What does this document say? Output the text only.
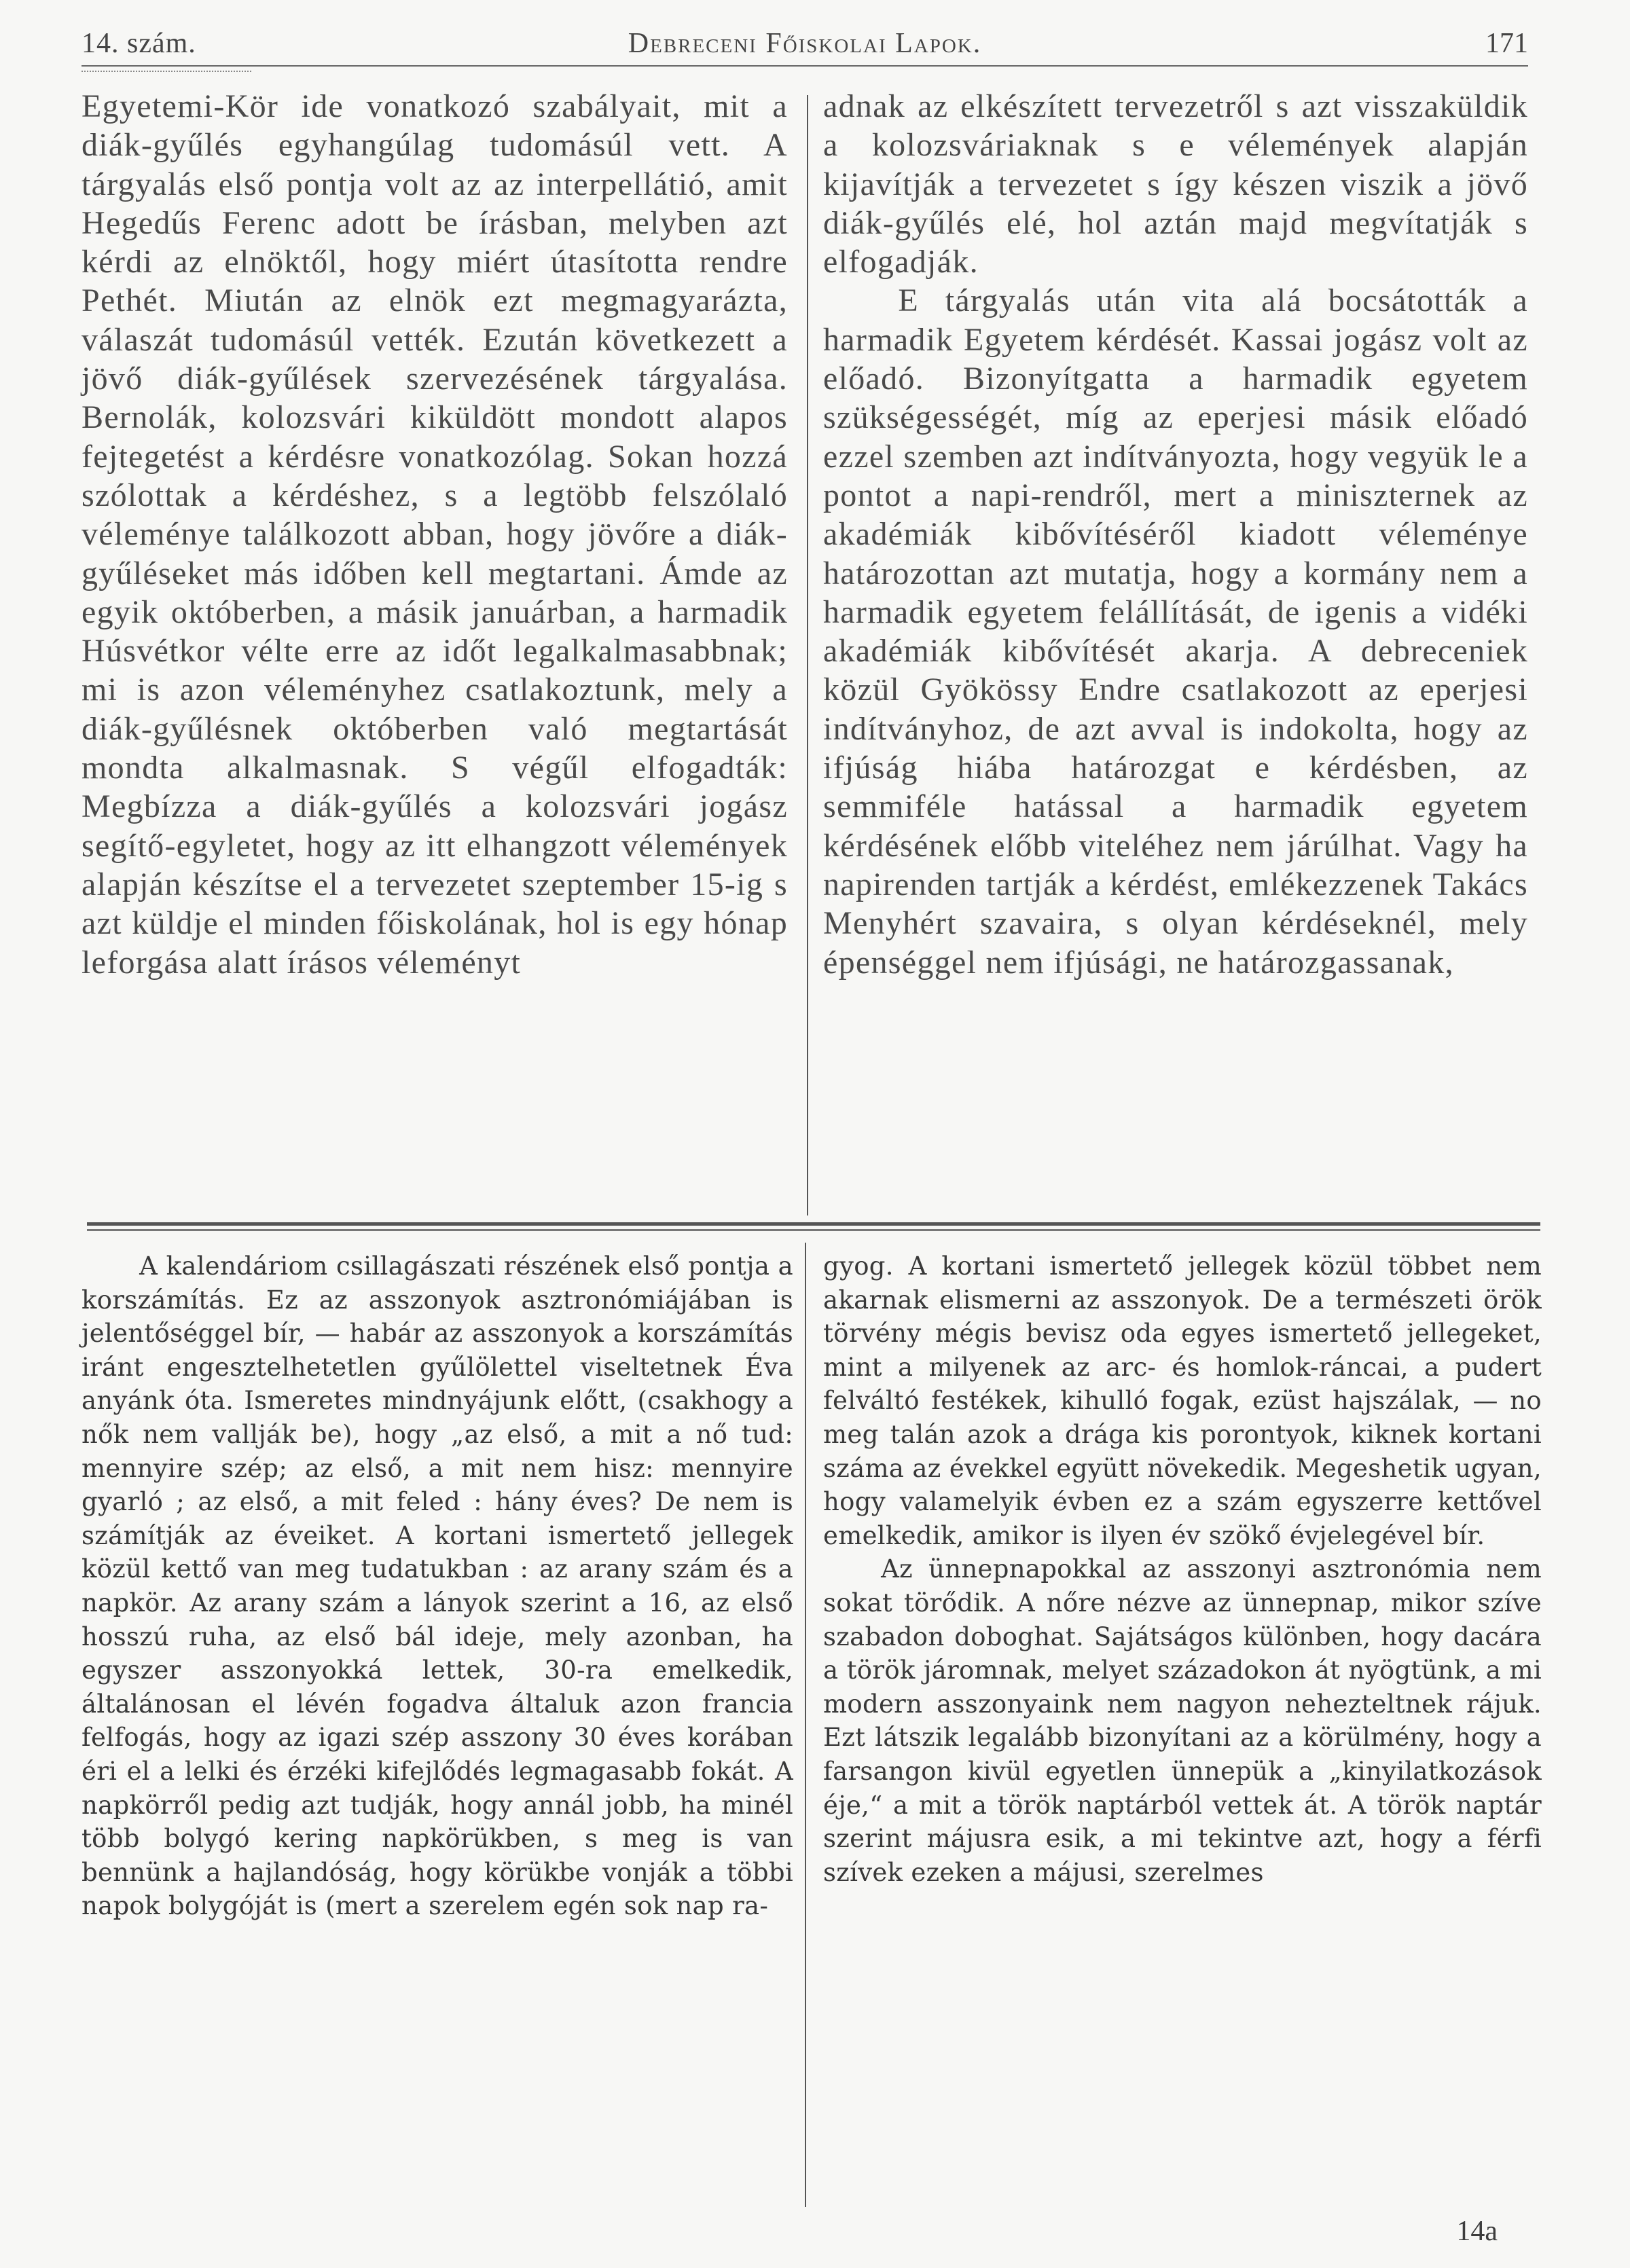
14. szám.	Debreceni Főiskolai Lapok.	171

Egyetemi-Kör ide vonatkozó szabályait, mit a diák-gyűlés egyhangúlag tudomásúl vett. A tárgyalás első pontja volt az az interpellátió, amit Hegedűs Ferenc adott be írásban, melyben azt kérdi az elnöktől, hogy miért útasította rendre Pethét. Miután az elnök ezt megmagyarázta, válaszát tudomásúl vették. Ezután következett a jövő diák-gyűlések szervezésének tárgyalása. Bernolák, kolozsvári kiküldött mondott alapos fejtegetést a kérdésre vonatkozólag. Sokan hozzá szólottak a kérdéshez, s a legtöbb felszólaló véleménye találkozott abban, hogy jövőre a diák-gyűléseket más időben kell megtartani. Ámde az egyik októberben, a másik januárban, a harmadik Húsvétkor vélte erre az időt legalkalmasabbnak; mi is azon véleményhez csatlakoztunk, mely a diák-gyűlésnek októberben való megtartását mondta alkalmasnak. S végűl elfogadták: Megbízza a diák-gyűlés a kolozsvári jogász segítő-egyletet, hogy az itt elhangzott vélemények alapján készítse el a tervezetet szeptember 15-ig s azt küldje el minden főiskolának, hol is egy hónap leforgása alatt írásos véleményt

adnak az elkészített tervezetről s azt visszaküldik a kolozsváriaknak s e vélemények alapján kijavítják a tervezetet s így készen viszik a jövő diák-gyűlés elé, hol aztán majd megvítatják s elfogadják.
E tárgyalás után vita alá bocsátották a harmadik Egyetem kérdését. Kassai jogász volt az előadó. Bizonyítgatta a harmadik egyetem szükségességét, míg az eperjesi másik előadó ezzel szemben azt indítványozta, hogy vegyük le a pontot a napi-rendről, mert a miniszternek az akadémiák kibővítéséről kiadott véleménye határozottan azt mutatja, hogy a kormány nem a harmadik egyetem felállítását, de igenis a vidéki akadémiák kibővítését akarja. A debreceniek közül Gyökössy Endre csatlakozott az eperjesi indítványhoz, de azt avval is indokolta, hogy az ifjúság hiába határozgat e kérdésben, az semmiféle hatással a harmadik egyetem kérdésének előbb viteléhez nem járúlhat. Vagy ha napirenden tartják a kérdést, emlékezzenek Takács Menyhért szavaira, s olyan kérdéseknél, mely épenséggel nem ifjúsági, ne határozgassanak,

A kalendáriom csillagászati részének első pontja a korszámítás. Ez az asszonyok asztronómiájában is jelentőséggel bír, — habár az asszonyok a korszámítás iránt engesztelhetetlen gyűlölettel viseltetnek Éva anyánk óta. Ismeretes mindnyájunk előtt, (csakhogy a nők nem vallják be), hogy „az első, a mit a nő tud: mennyire szép; az első, a mit nem hisz: mennyire gyarló ; az első, a mit feled : hány éves? De nem is számítják az éveiket. A kortani ismertető jellegek közül kettő van meg tudatukban : az arany szám és a napkör. Az arany szám a lányok szerint a 16, az első hosszú ruha, az első bál ideje, mely azonban, ha egyszer asszonyokká lettek, 30-ra emelkedik, általánosan el lévén fogadva általuk azon francia felfogás, hogy az igazi szép asszony 30 éves korában éri el a lelki és érzéki kifejlődés legmagasabb fokát. A napkörről pedig azt tudják, hogy annál jobb, ha minél több bolygó kering napkörükben, s meg is van bennünk a hajlandóság, hogy körükbe vonják a többi napok bolygóját is (mert a szerelem egén sok nap ra-

gyog. A kortani ismertető jellegek közül többet nem akarnak elismerni az asszonyok. De a természeti örök törvény mégis bevisz oda egyes ismertető jellegeket, mint a milyenek az arc- és homlok-ráncai, a pudert felváltó festékek, kihulló fogak, ezüst hajszálak, — no meg talán azok a drága kis porontyok, kiknek kortani száma az évekkel együtt növekedik. Megeshetik ugyan, hogy valamelyik évben ez a szám egyszerre kettővel emelkedik, amikor is ilyen év szökő évjelegével bír.
Az ünnepnapokkal az asszonyi asztronómia nem sokat törődik. A nőre nézve az ünnepnap, mikor szíve szabadon doboghat. Sajátságos különben, hogy dacára a török járomnak, melyet századokon át nyögtünk, a mi modern asszonyaink nem nagyon nehezteltnek rájuk. Ezt látszik legalább bizonyítani az a körülmény, hogy a farsangon kivül egyetlen ünnepük a „kinyilatkozások éje,“ a mit a török naptárból vettek át. A török naptár szerint májusra esik, a mi tekintve azt, hogy a férfi szívek ezeken a májusi, szerelmes
14a
